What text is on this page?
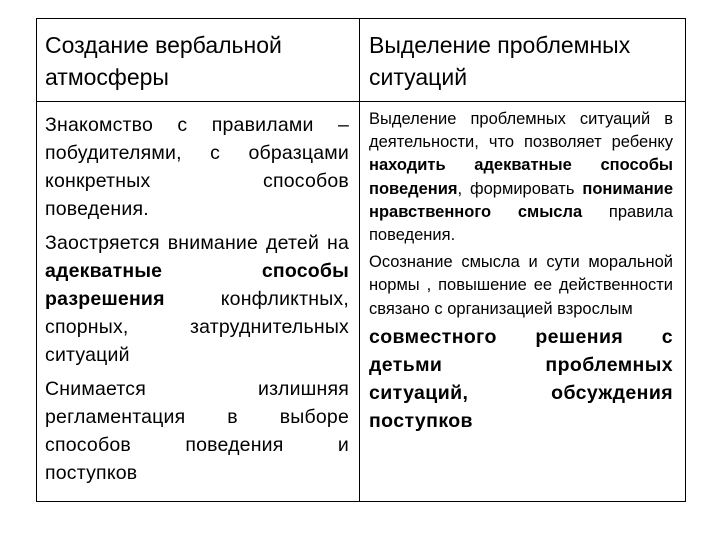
Создание вербальной атмосферы
Выделение проблемных ситуаций

Знакомство с правилами – побудителями, с образцами конкретных способов поведения.

Заостряется внимание детей на адекватные способы разрешения конфликтных, спорных, затруднительных ситуаций

Снимается излишняя регламентация в выборе способов поведения и поступков

Выделение проблемных ситуаций в деятельности, что позволяет ребенку находить адекватные способы поведения, формировать понимание нравственного смысла правила поведения.

Осознание смысла и сути моральной нормы , повышение ее действенности связано с организацией взрослым

совместного решения с детьми проблемных ситуаций, обсуждения поступков
